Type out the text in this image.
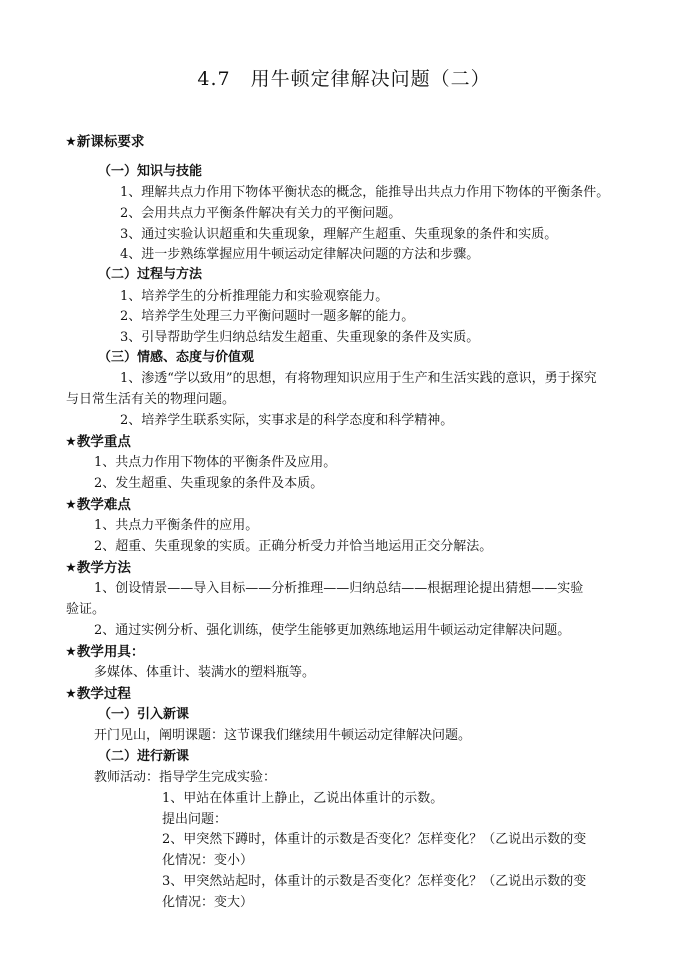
4.7　用牛顿定律解决问题（二）
★新课标要求
（一）知识与技能
1、理解共点力作用下物体平衡状态的概念，能推导出共点力作用下物体的平衡条件。
2、会用共点力平衡条件解决有关力的平衡问题。
3、通过实验认识超重和失重现象，理解产生超重、失重现象的条件和实质。
4、进一步熟练掌握应用牛顿运动定律解决问题的方法和步骤。
（二）过程与方法
1、培养学生的分析推理能力和实验观察能力。
2、培养学生处理三力平衡问题时一题多解的能力。
3、引导帮助学生归纳总结发生超重、失重现象的条件及实质。
（三）情感、态度与价值观
1、渗透“学以致用”的思想，有将物理知识应用于生产和生活实践的意识，勇于探究
与日常生活有关的物理问题。
2、培养学生联系实际，实事求是的科学态度和科学精神。
★教学重点
1、共点力作用下物体的平衡条件及应用。
2、发生超重、失重现象的条件及本质。
★教学难点
1、共点力平衡条件的应用。
2、超重、失重现象的实质。正确分析受力并恰当地运用正交分解法。
★教学方法
1、创设情景——导入目标——分析推理——归纳总结——根据理论提出猜想——实验
验证。
2、通过实例分析、强化训练，使学生能够更加熟练地运用牛顿运动定律解决问题。
★教学用具：
多媒体、体重计、装满水的塑料瓶等。
★教学过程
（一）引入新课
开门见山，阐明课题：这节课我们继续用牛顿运动定律解决问题。
（二）进行新课
教师活动：指导学生完成实验：
1、甲站在体重计上静止，乙说出体重计的示数。
提出问题：
2、甲突然下蹲时，体重计的示数是否变化？怎样变化？（乙说出示数的变
化情况：变小）
3、甲突然站起时，体重计的示数是否变化？怎样变化？（乙说出示数的变
化情况：变大）
